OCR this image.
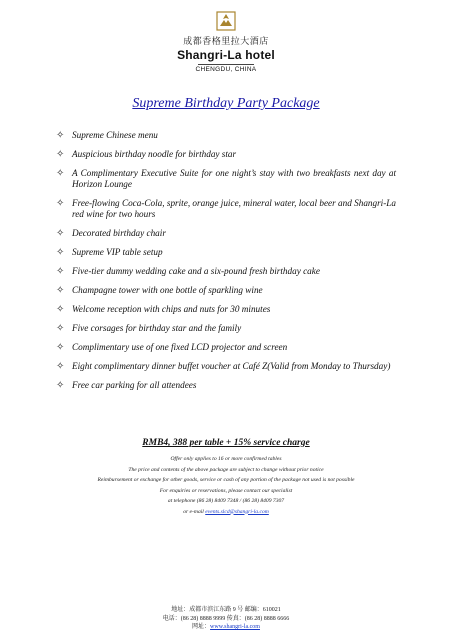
成都香格里拉大酒店
Shangri-La hotel
CHENGDU, CHINA
Supreme Birthday Party Package
✧ Supreme Chinese menu
✧ Auspicious birthday noodle for birthday star
✧ A Complimentary Executive Suite for one night’s stay with two breakfasts next day at Horizon Lounge
✧ Free-flowing Coca-Cola, sprite, orange juice, mineral water, local beer and Shangri-La red wine for two hours
✧ Decorated birthday chair
✧ Supreme VIP table setup
✧ Five-tier dummy wedding cake and a six-pound fresh birthday cake
✧ Champagne tower with one bottle of sparkling wine
✧ Welcome reception with chips and nuts for 30 minutes
✧ Five corsages for birthday star and the family
✧ Complimentary use of one fixed LCD projector and screen
✧ Eight complimentary dinner buffet voucher at Café Z(Valid from Monday to Thursday)
✧ Free car parking for all attendees
RMB4, 388 per table + 15% service charge
Offer only applies to 16 or more confirmed tables
The price and contents of the above package are subject to change without prior notice
Reimbursement or exchange for other goods, service or cash of any portion of the package not used is not possible
For enquiries or reservations, please contact our specialist
at telephone (86 28) 8409 7348 / (86 28) 8409 7307
or e-mail events.slcd@shangri-la.com
地址：成都市滨江东路 9 号 邮编：610021
电话：(86 28) 8888 9999 传真：(86 28) 8888 6666
网址：www.shangri-la.com
